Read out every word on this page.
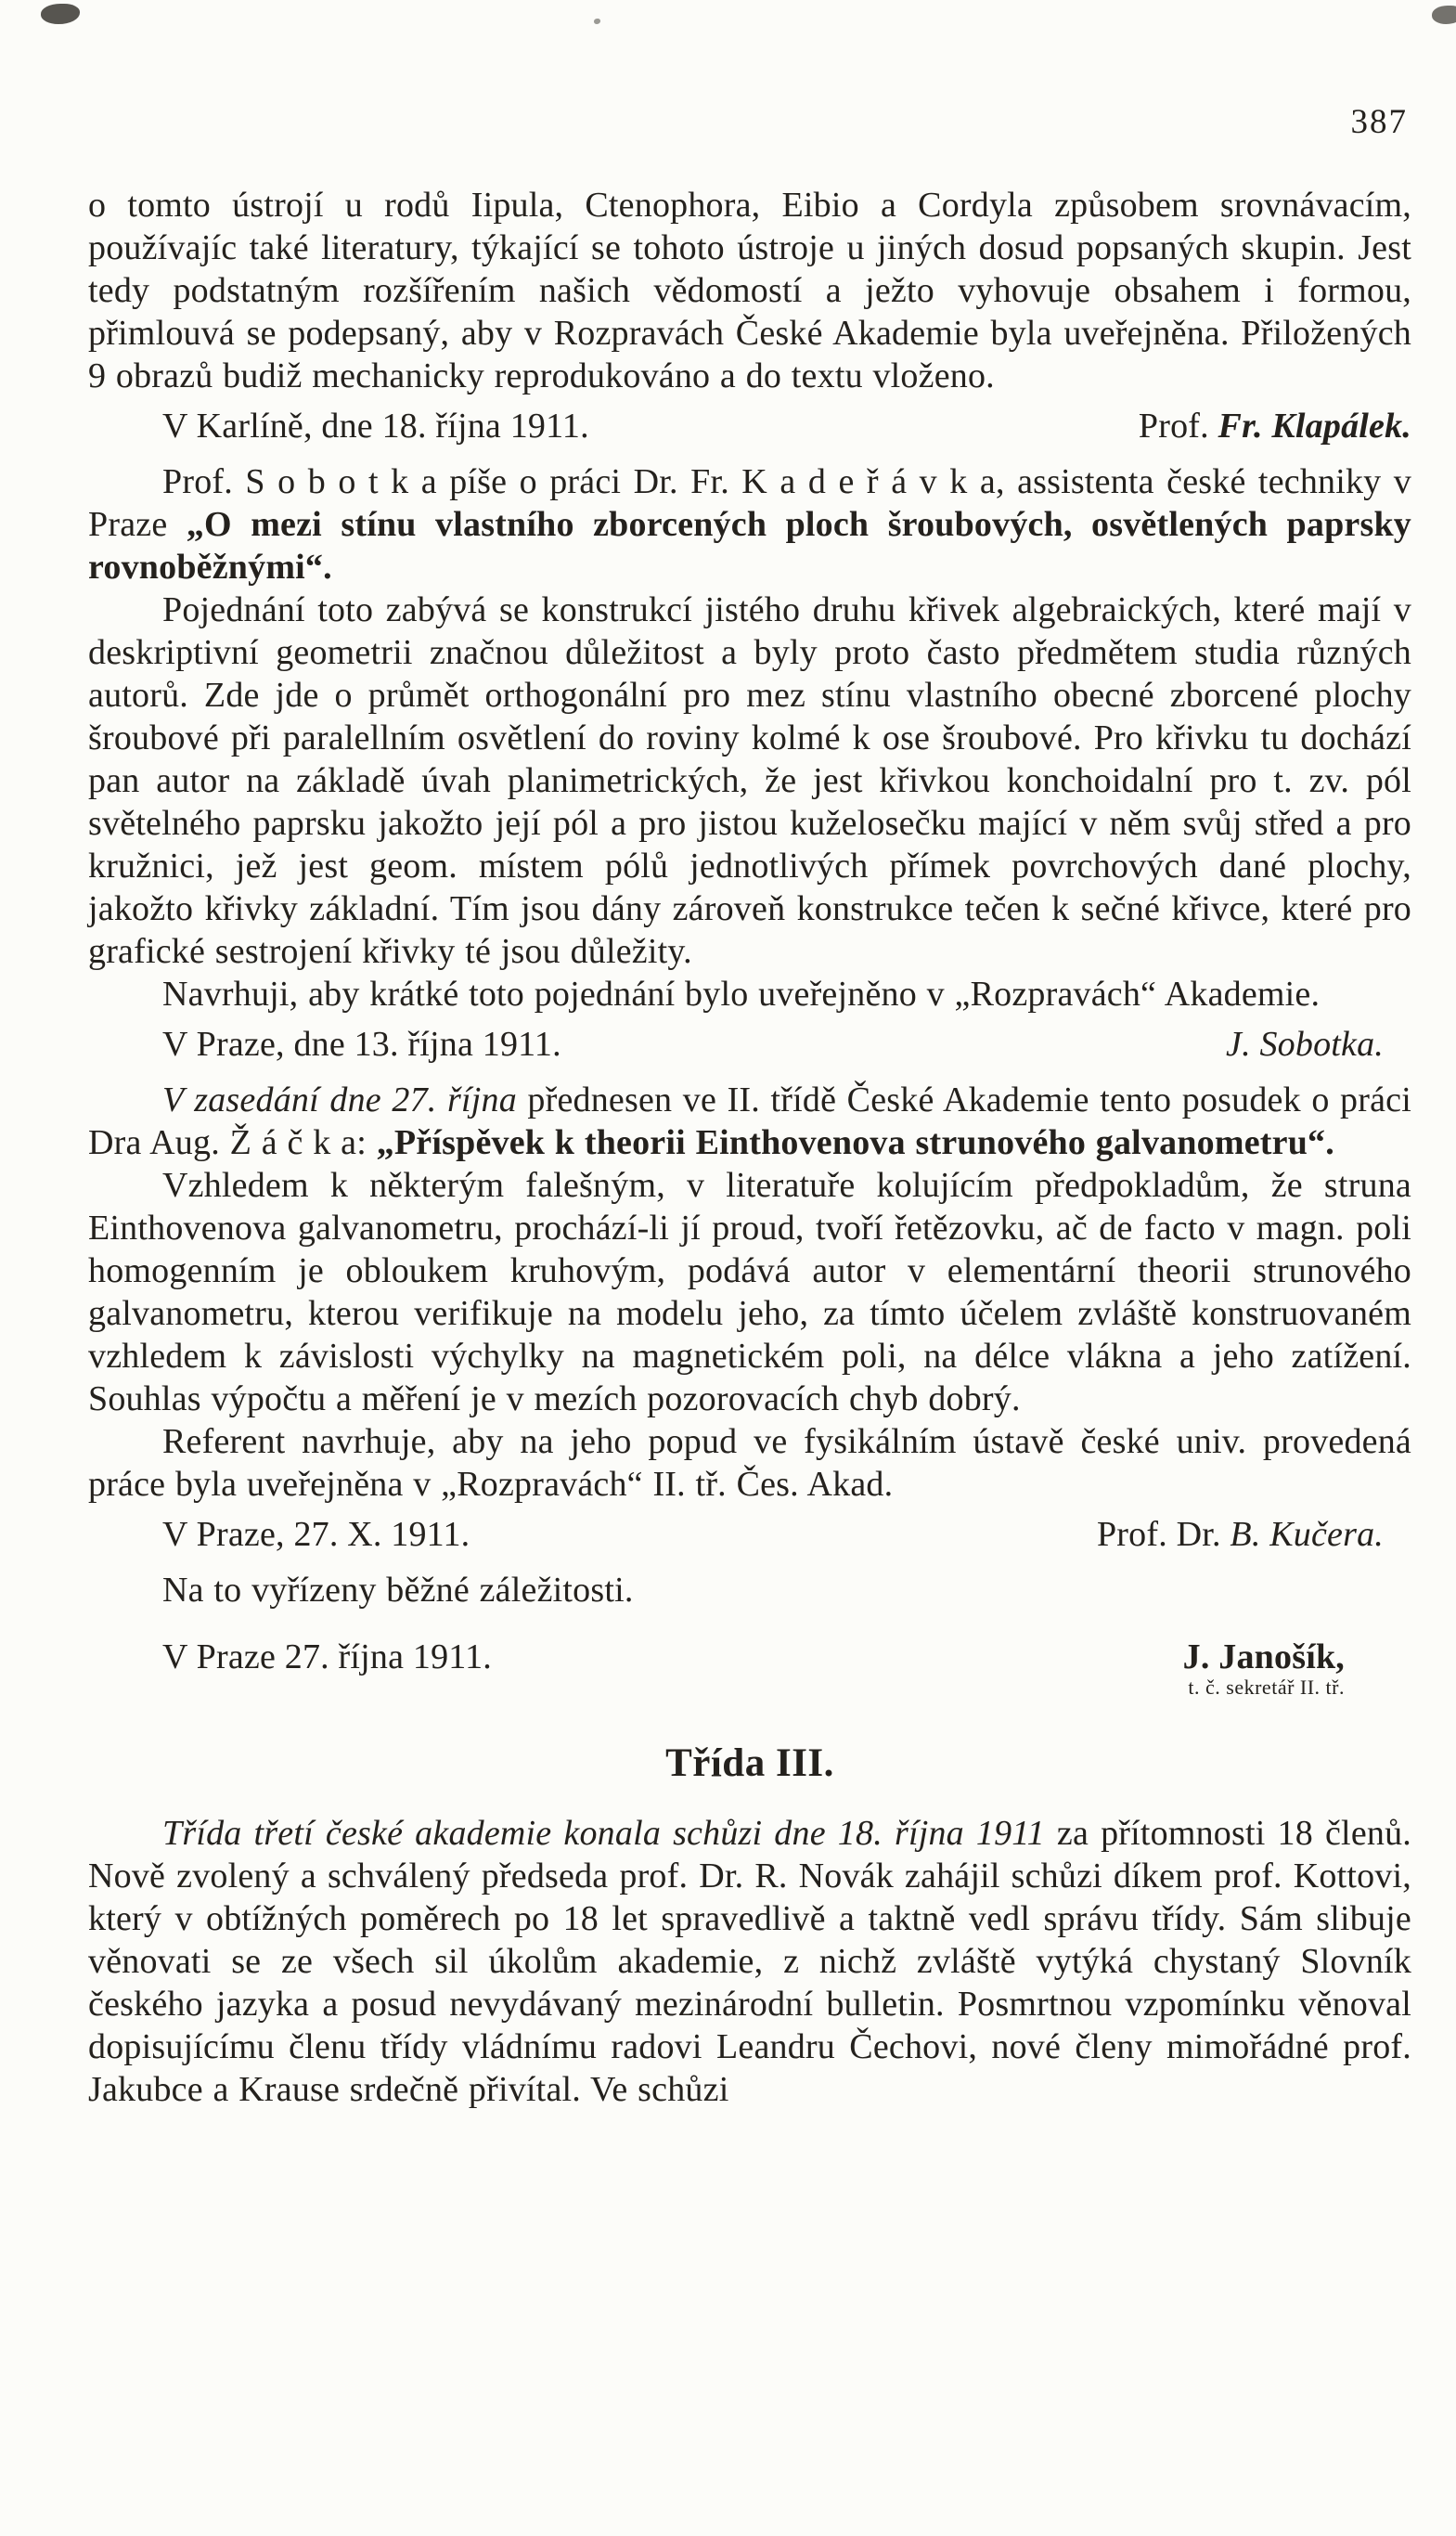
387

o tomto ústrojí u rodů Iipula, Ctenophora, Eibio a Cordyla způsobem srovnávacím, používajíc také literatury, týkající se tohoto ústroje u jiných dosud popsaných skupin. Jest tedy podstatným rozšířením našich vědomostí a ježto vyhovuje obsahem i formou, přimlouvá se podepsaný, aby v Rozpravách České Akademie byla uveřejněna. Přiložených 9 obrazů budiž mechanicky reprodukováno a do textu vloženo.

V Karlíně, dne 18. října 1911.	Prof. Fr. Klapálek.

Prof. S o b o t k a píše o práci Dr. Fr. K a d e ř á v k a, assistenta české techniky v Praze „O mezi stínu vlastního zborcených ploch šroubových, osvětlených paprsky rovnoběžnými“.

Pojednání toto zabývá se konstrukcí jistého druhu křivek algebraických, které mají v deskriptivní geometrii značnou důležitost a byly proto často předmětem studia různých autorů. Zde jde o průmět orthogonální pro mez stínu vlastního obecné zborcené plochy šroubové při paralellním osvětlení do roviny kolmé k ose šroubové. Pro křivku tu dochází pan autor na základě úvah planimetrických, že jest křivkou konchoidalní pro t. zv. pól světelného paprsku jakožto její pól a pro jistou kuželosečku mající v něm svůj střed a pro kružnici, jež jest geom. místem pólů jednotlivých přímek povrchových dané plochy, jakožto křivky základní. Tím jsou dány zároveň konstrukce tečen k sečné křivce, které pro grafické sestrojení křivky té jsou důležity.

Navrhuji, aby krátké toto pojednání bylo uveřejněno v „Rozpravách“ Akademie.

V Praze, dne 13. října 1911.	J. Sobotka.

V zasedání dne 27. října přednesen ve II. třídě České Akademie tento posudek o práci Dra Aug. Ž á č k a: „Příspěvek k theorii Einthovenova strunového galvanometru“.

Vzhledem k některým falešným, v literatuře kolujícím předpokladům, že struna Einthovenova galvanometru, prochází-li jí proud, tvoří řetězovku, ač de facto v magn. poli homogenním je obloukem kruhovým, podává autor v elementární theorii strunového galvanometru, kterou verifikuje na modelu jeho, za tímto účelem zvláště konstruovaném vzhledem k závislosti výchylky na magnetickém poli, na délce vlákna a jeho zatížení. Souhlas výpočtu a měření je v mezích pozorovacích chyb dobrý.

Referent navrhuje, aby na jeho popud ve fysikálním ústavě české univ. provedená práce byla uveřejněna v „Rozpravách“ II. tř. Čes. Akad.

V Praze, 27. X. 1911.	Prof. Dr. B. Kučera.

Na to vyřízeny běžné záležitosti.

V Praze 27. října 1911.	J. Janošík,
t. č. sekretář II. tř.
Třída III.

Třída třetí české akademie konala schůzi dne 18. října 1911 za přítomnosti 18 členů. Nově zvolený a schválený předseda prof. Dr. R. Novák zahájil schůzi díkem prof. Kottovi, který v obtížných poměrech po 18 let spravedlivě a taktně vedl správu třídy. Sám slibuje věnovati se ze všech sil úkolům akademie, z nichž zvláště vytýká chystaný Slovník českého jazyka a posud nevydávaný mezinárodní bulletin. Posmrtnou vzpomínku věnoval dopisujícímu členu třídy vládnímu radovi Leandru Čechovi, nové členy mimořádné prof. Jakubce a Krause srdečně přivítal. Ve schůzi
